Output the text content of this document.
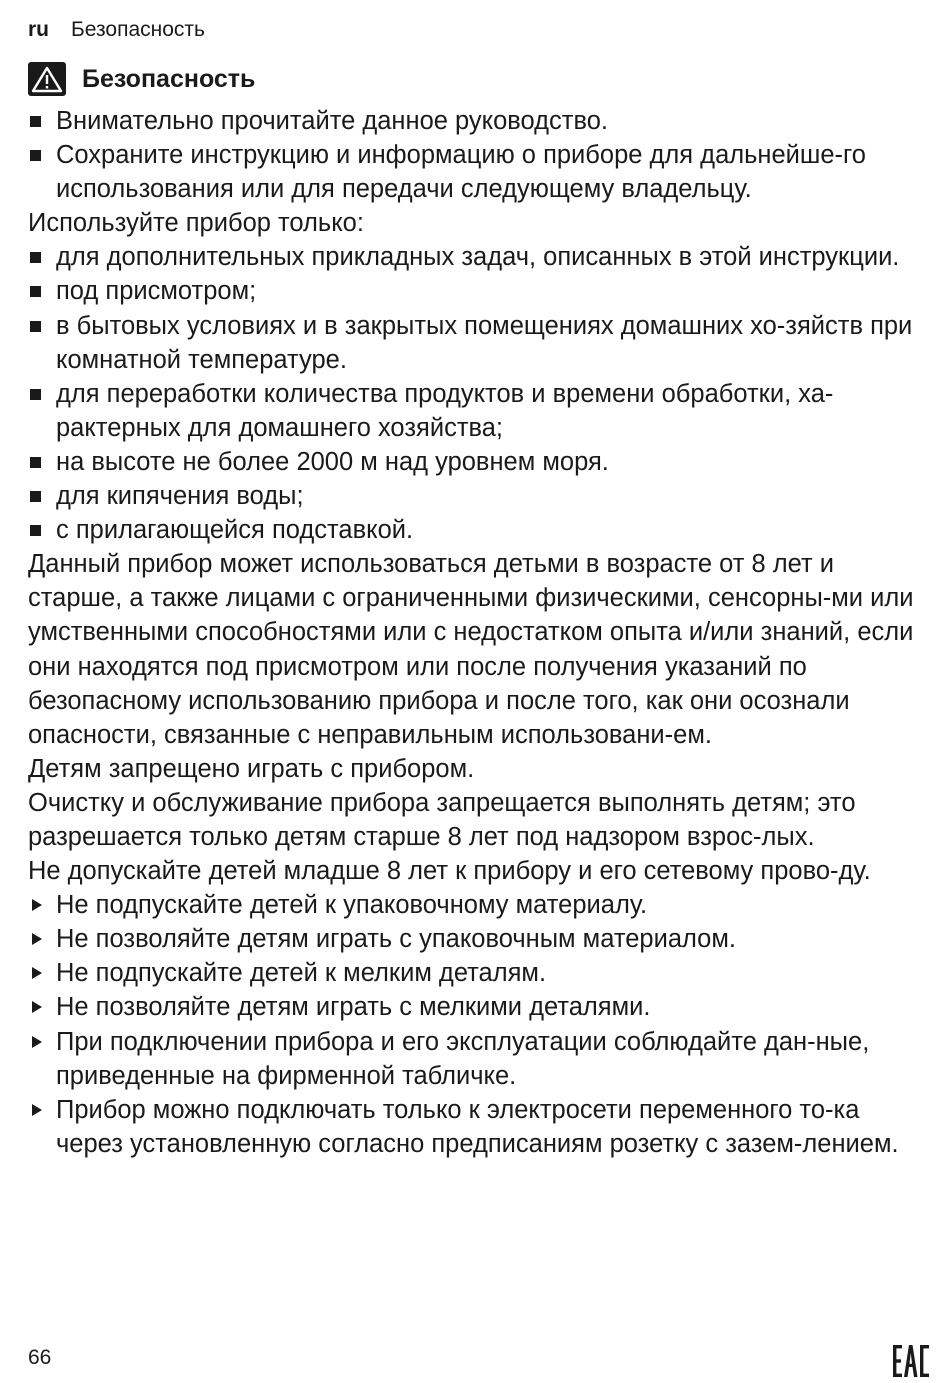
ru Безопасность
Безопасность
Внимательно прочитайте данное руководство.
Сохраните инструкцию и информацию о приборе для дальнейше-го использования или для передачи следующему владельцу.
Используйте прибор только:
для дополнительных прикладных задач, описанных в этой инструкции.
под присмотром;
в бытовых условиях и в закрытых помещениях домашних хо-зяйств при комнатной температуре.
для переработки количества продуктов и времени обработки, ха-рактерных для домашнего хозяйства;
на высоте не более 2000 м над уровнем моря.
для кипячения воды;
с прилагающейся подставкой.
Данный прибор может использоваться детьми в возрасте от 8 лет и старше, а также лицами с ограниченными физическими, сенсорны-ми или умственными способностями или с недостатком опыта и/или знаний, если они находятся под присмотром или после получения указаний по безопасному использованию прибора и после того, как они осознали опасности, связанные с неправильным использовани-ем.
Детям запрещено играть с прибором.
Очистку и обслуживание прибора запрещается выполнять детям; это разрешается только детям старше 8 лет под надзором взрос-лых.
Не допускайте детей младше 8 лет к прибору и его сетевому прово-ду.
Не подпускайте детей к упаковочному материалу.
Не позволяйте детям играть с упаковочным материалом.
Не подпускайте детей к мелким деталям.
Не позволяйте детям играть с мелкими деталями.
При подключении прибора и его эксплуатации соблюдайте дан-ные, приведенные на фирменной табличке.
Прибор можно подключать только к электросети переменного то-ка через установленную согласно предписаниям розетку с зазем-лением.
66
